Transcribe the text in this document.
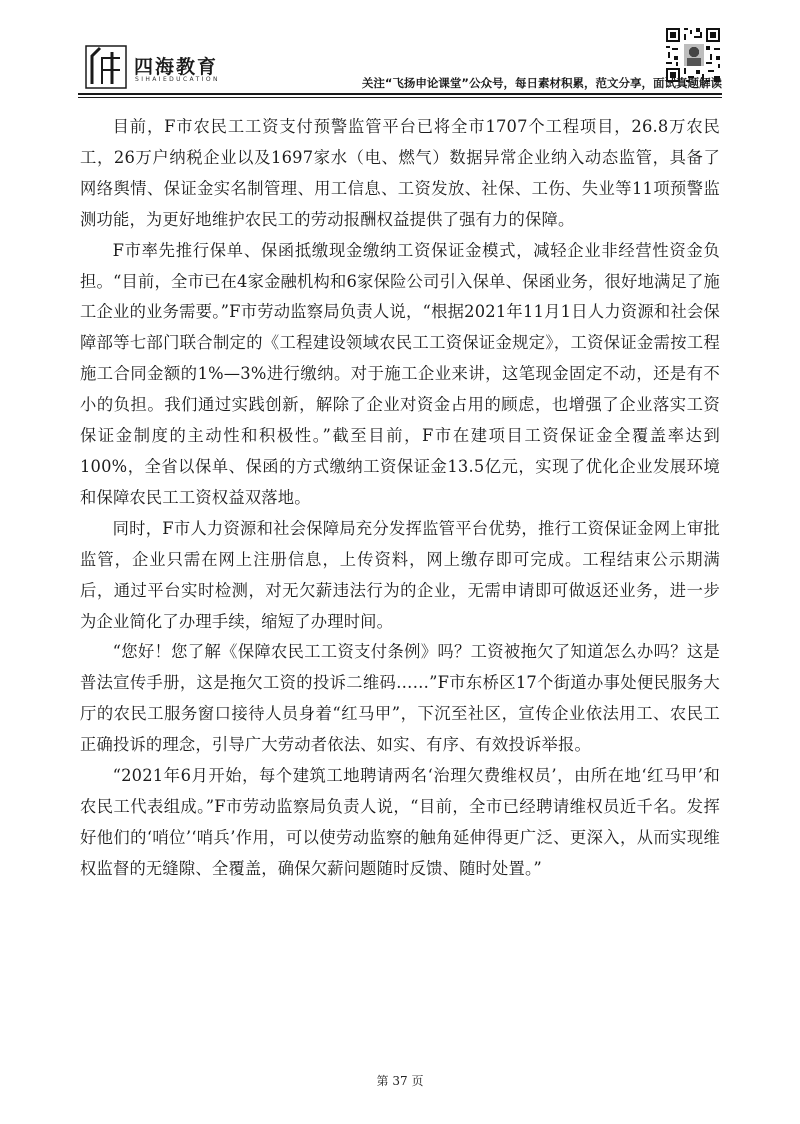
四海教育
SIHAIEDUCATION	关注“飞扬申论课堂”公众号，每日素材积累，范文分享，面试真题解读

目前，F市农民工工资支付预警监管平台已将全市1707个工程项目，26.8万农民工，26万户纳税企业以及1697家水（电、燃气）数据异常企业纳入动态监管，具备了网络舆情、保证金实名制管理、用工信息、工资发放、社保、工伤、失业等11项预警监测功能，为更好地维护农民工的劳动报酬权益提供了强有力的保障。

F市率先推行保单、保函抵缴现金缴纳工资保证金模式，减轻企业非经营性资金负担。“目前，全市已在4家金融机构和6家保险公司引入保单、保函业务，很好地满足了施工企业的业务需要。”F市劳动监察局负责人说，“根据2021年11月1日人力资源和社会保障部等七部门联合制定的《工程建设领域农民工工资保证金规定》，工资保证金需按工程施工合同金额的1%—3%进行缴纳。对于施工企业来讲，这笔现金固定不动，还是有不小的负担。我们通过实践创新，解除了企业对资金占用的顾虑，也增强了企业落实工资保证金制度的主动性和积极性。”截至目前，F市在建项目工资保证金全覆盖率达到100%，全省以保单、保函的方式缴纳工资保证金13.5亿元，实现了优化企业发展环境和保障农民工工资权益双落地。

同时，F市人力资源和社会保障局充分发挥监管平台优势，推行工资保证金网上审批监管，企业只需在网上注册信息，上传资料，网上缴存即可完成。工程结束公示期满后，通过平台实时检测，对无欠薪违法行为的企业，无需申请即可做返还业务，进一步为企业简化了办理手续，缩短了办理时间。

“您好！您了解《保障农民工工资支付条例》吗？工资被拖欠了知道怎么办吗？这是普法宣传手册，这是拖欠工资的投诉二维码……”F市东桥区17个街道办事处便民服务大厅的农民工服务窗口接待人员身着“红马甲”，下沉至社区，宣传企业依法用工、农民工正确投诉的理念，引导广大劳动者依法、如实、有序、有效投诉举报。

“2021年6月开始，每个建筑工地聘请两名‘治理欠费维权员’，由所在地‘红马甲’和农民工代表组成。”F市劳动监察局负责人说，“目前，全市已经聘请维权员近千名。发挥好他们的‘哨位’‘哨兵’作用，可以使劳动监察的触角延伸得更广泛、更深入，从而实现维权监督的无缝隙、全覆盖，确保欠薪问题随时反馈、随时处置。”

第 37 页
